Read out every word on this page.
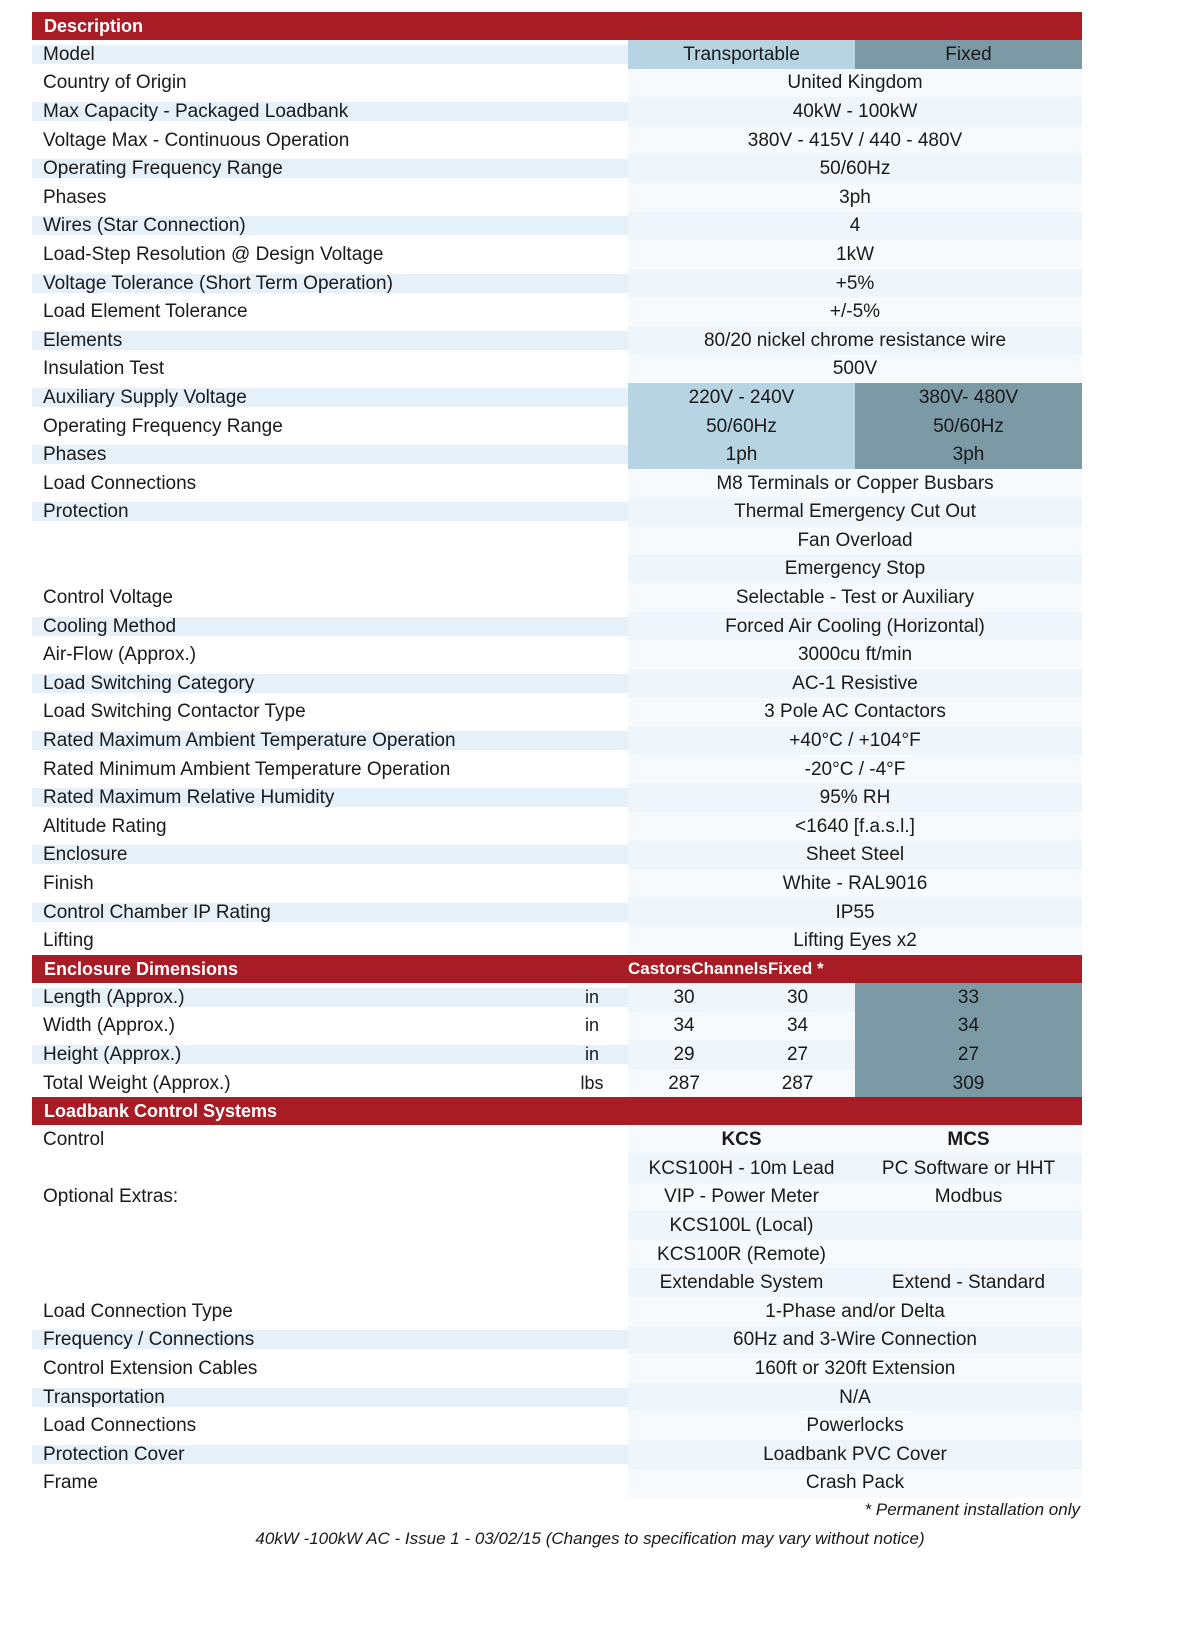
Description
Model	Transportable	Fixed
Country of Origin	United Kingdom
Max Capacity - Packaged Loadbank	40kW - 100kW
Voltage Max - Continuous Operation	380V - 415V / 440 - 480V
Operating Frequency Range	50/60Hz
Phases	3ph
Wires (Star Connection)	4
Load-Step Resolution @ Design Voltage	1kW
Voltage Tolerance (Short Term Operation)	+5%
Load Element Tolerance	+/-5%
Elements	80/20 nickel chrome resistance wire
Insulation Test	500V
Auxiliary Supply Voltage	220V - 240V	380V- 480V
Operating Frequency Range	50/60Hz	50/60Hz
Phases	1ph	3ph
Load Connections	M8 Terminals or Copper Busbars
Protection	Thermal Emergency Cut Out
Fan Overload
Emergency Stop
Control Voltage	Selectable - Test or Auxiliary
Cooling Method	Forced Air Cooling (Horizontal)
Air-Flow (Approx.)	3000cu ft/min
Load Switching Category	AC-1 Resistive
Load Switching Contactor Type	3 Pole AC Contactors
Rated Maximum Ambient Temperature Operation	+40°C / +104°F
Rated Minimum Ambient Temperature Operation	-20°C / -4°F
Rated Maximum Relative Humidity	95% RH
Altitude Rating	<1640 [f.a.s.l.]
Enclosure	Sheet Steel
Finish	White - RAL9016
Control Chamber IP Rating	IP55
Lifting	Lifting Eyes x2
Enclosure Dimensions	Castors Channels Fixed *
Length (Approx.)	in	30	30	33
Width (Approx.)	in	34	34	34
Height (Approx.)	in	29	27	27
Total Weight (Approx.)	lbs	287	287	309
Loadbank Control Systems
Control	KCS	MCS
KCS100H - 10m Lead	PC Software or HHT
Optional Extras:	VIP - Power Meter	Modbus
KCS100L (Local)
KCS100R (Remote)
Extendable System	Extend - Standard
Load Connection Type	1-Phase and/or Delta
Frequency / Connections	60Hz and 3-Wire Connection
Control Extension Cables	160ft or 320ft Extension
Transportation	N/A
Load Connections	Powerlocks
Protection Cover	Loadbank PVC Cover
Frame	Crash Pack
* Permanent installation only
40kW -100kW AC - Issue 1 - 03/02/15 (Changes to specification may vary without notice)
